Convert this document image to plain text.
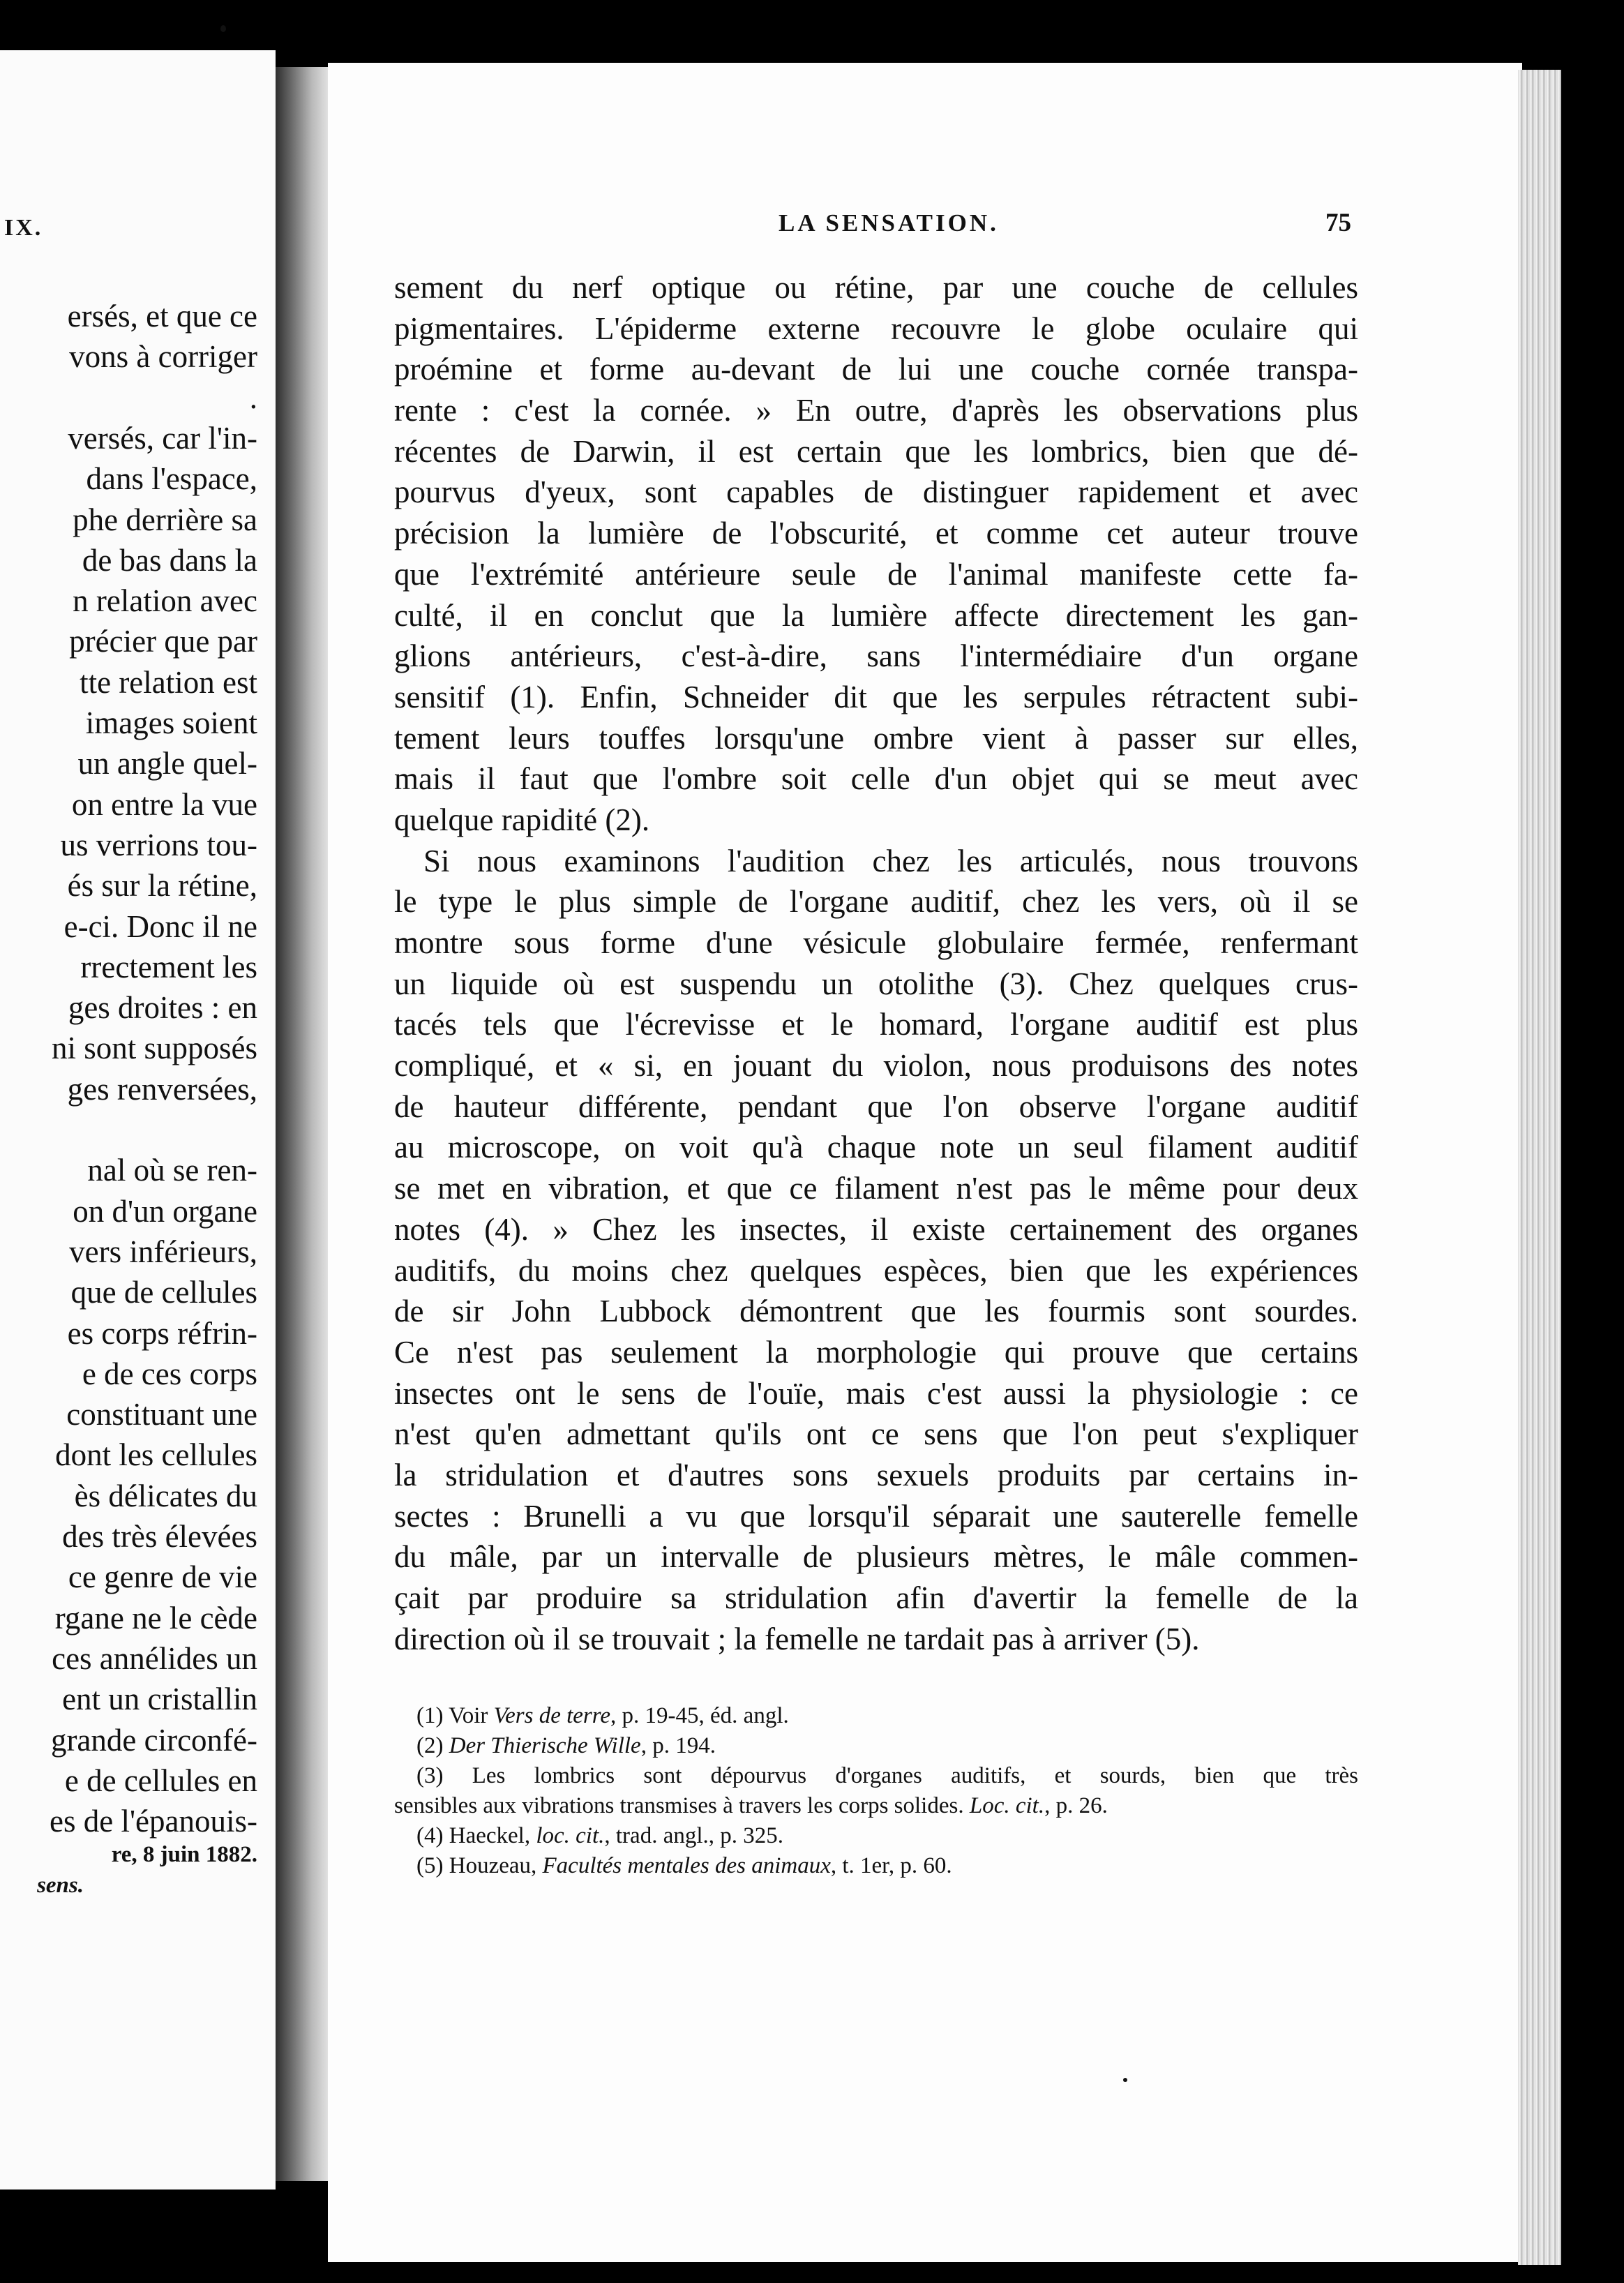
IX.
ersés, et que ce
vons à corriger
.
versés, car l'in-
dans l'espace,
phe derrière sa
de bas dans la
n relation avec
précier que par
tte relation est
images soient
un angle quel-
on entre la vue
us verrions tou-
és sur la rétine,
e-ci. Donc il ne
rrectement les
ges droites : en
ni sont supposés
ges renversées,
nal où se ren-
on d'un organe
vers inférieurs,
que de cellules
es corps réfrin-
e de ces corps
constituant une
dont les cellules
ès délicates du
des très élevées
ce genre de vie
rgane ne le cède
ces annélides un
ent un cristallin
grande circonfé-
e de cellules en
es de l'épanouis-
re, 8 juin 1882.
sens.
LA SENSATION.	75
sement du nerf optique ou rétine, par une couche de cellules
pigmentaires. L'épiderme externe recouvre le globe oculaire qui
proémine et forme au-devant de lui une couche cornée transpa-
rente : c'est la cornée. » En outre, d'après les observations plus
récentes de Darwin, il est certain que les lombrics, bien que dé-
pourvus d'yeux, sont capables de distinguer rapidement et avec
précision la lumière de l'obscurité, et comme cet auteur trouve
que l'extrémité antérieure seule de l'animal manifeste cette fa-
culté, il en conclut que la lumière affecte directement les gan-
glions antérieurs, c'est-à-dire, sans l'intermédiaire d'un organe
sensitif (1). Enfin, Schneider dit que les serpules rétractent subi-
tement leurs touffes lorsqu'une ombre vient à passer sur elles,
mais il faut que l'ombre soit celle d'un objet qui se meut avec
quelque rapidité (2).
Si nous examinons l'audition chez les articulés, nous trouvons
le type le plus simple de l'organe auditif, chez les vers, où il se
montre sous forme d'une vésicule globulaire fermée, renfermant
un liquide où est suspendu un otolithe (3). Chez quelques crus-
tacés tels que l'écrevisse et le homard, l'organe auditif est plus
compliqué, et « si, en jouant du violon, nous produisons des notes
de hauteur différente, pendant que l'on observe l'organe auditif
au microscope, on voit qu'à chaque note un seul filament auditif
se met en vibration, et que ce filament n'est pas le même pour deux
notes (4). » Chez les insectes, il existe certainement des organes
auditifs, du moins chez quelques espèces, bien que les expériences
de sir John Lubbock démontrent que les fourmis sont sourdes.
Ce n'est pas seulement la morphologie qui prouve que certains
insectes ont le sens de l'ouïe, mais c'est aussi la physiologie : ce
n'est qu'en admettant qu'ils ont ce sens que l'on peut s'expliquer
la stridulation et d'autres sons sexuels produits par certains in-
sectes : Brunelli a vu que lorsqu'il séparait une sauterelle femelle
du mâle, par un intervalle de plusieurs mètres, le mâle commen-
çait par produire sa stridulation afin d'avertir la femelle de la
direction où il se trouvait ; la femelle ne tardait pas à arriver (5).
(1) Voir Vers de terre, p. 19-45, éd. angl.
(2) Der Thierische Wille, p. 194.
(3) Les lombrics sont dépourvus d'organes auditifs, et sourds, bien que très
sensibles aux vibrations transmises à travers les corps solides. Loc. cit., p. 26.
(4) Haeckel, loc. cit., trad. angl., p. 325.
(5) Houzeau, Facultés mentales des animaux, t. 1er, p. 60.
